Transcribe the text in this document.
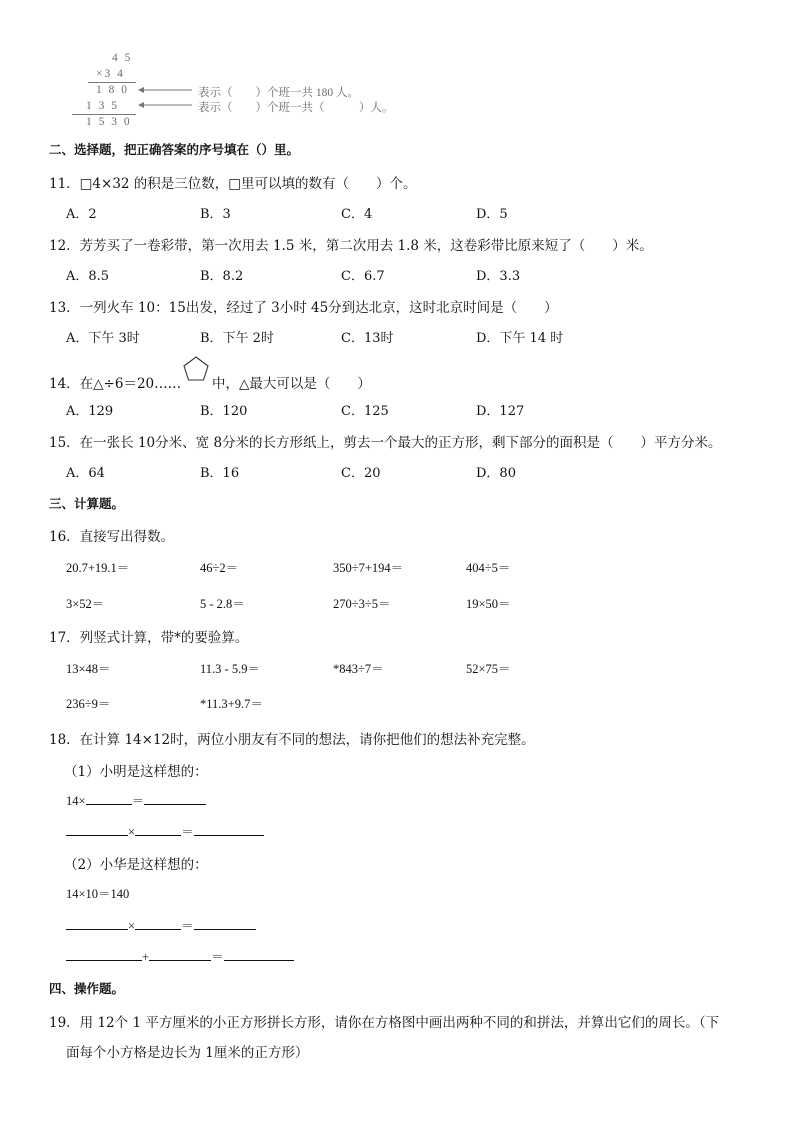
4 5
×3 4
1 8 0
1 3 5
1 5 3 0
表示（　　）个班一共 180 人。
表示（　　）个班一共（　　　）人。
二、选择题，把正确答案的序号填在（）里。
11．□4×32 的积是三位数，□里可以填的数有（　　）个。
A．2	B．3	C．4	D．5
12．芳芳买了一卷彩带，第一次用去 1.5 米，第二次用去 1.8 米，这卷彩带比原来短了（　　）米。
A．8.5	B．8.2	C．6.7	D．3.3
13．一列火车 10：15出发，经过了 3小时 45分到达北京，这时北京时间是（　　）
A．下午 3时	B．下午 2时	C．13时	D．下午 14 时
14．在△÷6＝20…… 中，△最大可以是（　　）
A．129	B．120	C．125	D．127
15．在一张长 10分米、宽 8分米的长方形纸上，剪去一个最大的正方形，剩下部分的面积是（　　）平方分米。
A．64	B．16	C．20	D．80
三、计算题。
16．直接写出得数。
20.7+19.1＝	46÷2＝	350÷7+194＝	404÷5＝
3×52＝	5 - 2.8＝	270÷3÷5＝	19×50＝
17．列竖式计算，带*的要验算。
13×48＝	11.3 - 5.9＝	*843÷7＝	52×75＝
236÷9＝	*11.3+9.7＝
18．在计算 14×12时，两位小朋友有不同的想法，请你把他们的想法补充完整。
（1）小明是这样想的：
14×	＝
×	＝
（2）小华是这样想的：
14×10＝140
×	＝
+	＝
四、操作题。
19．用 12个 1 平方厘米的小正方形拼长方形，请你在方格图中画出两种不同的和拼法，并算出它们的周长。（下
面每个小方格是边长为 1厘米的正方形）
